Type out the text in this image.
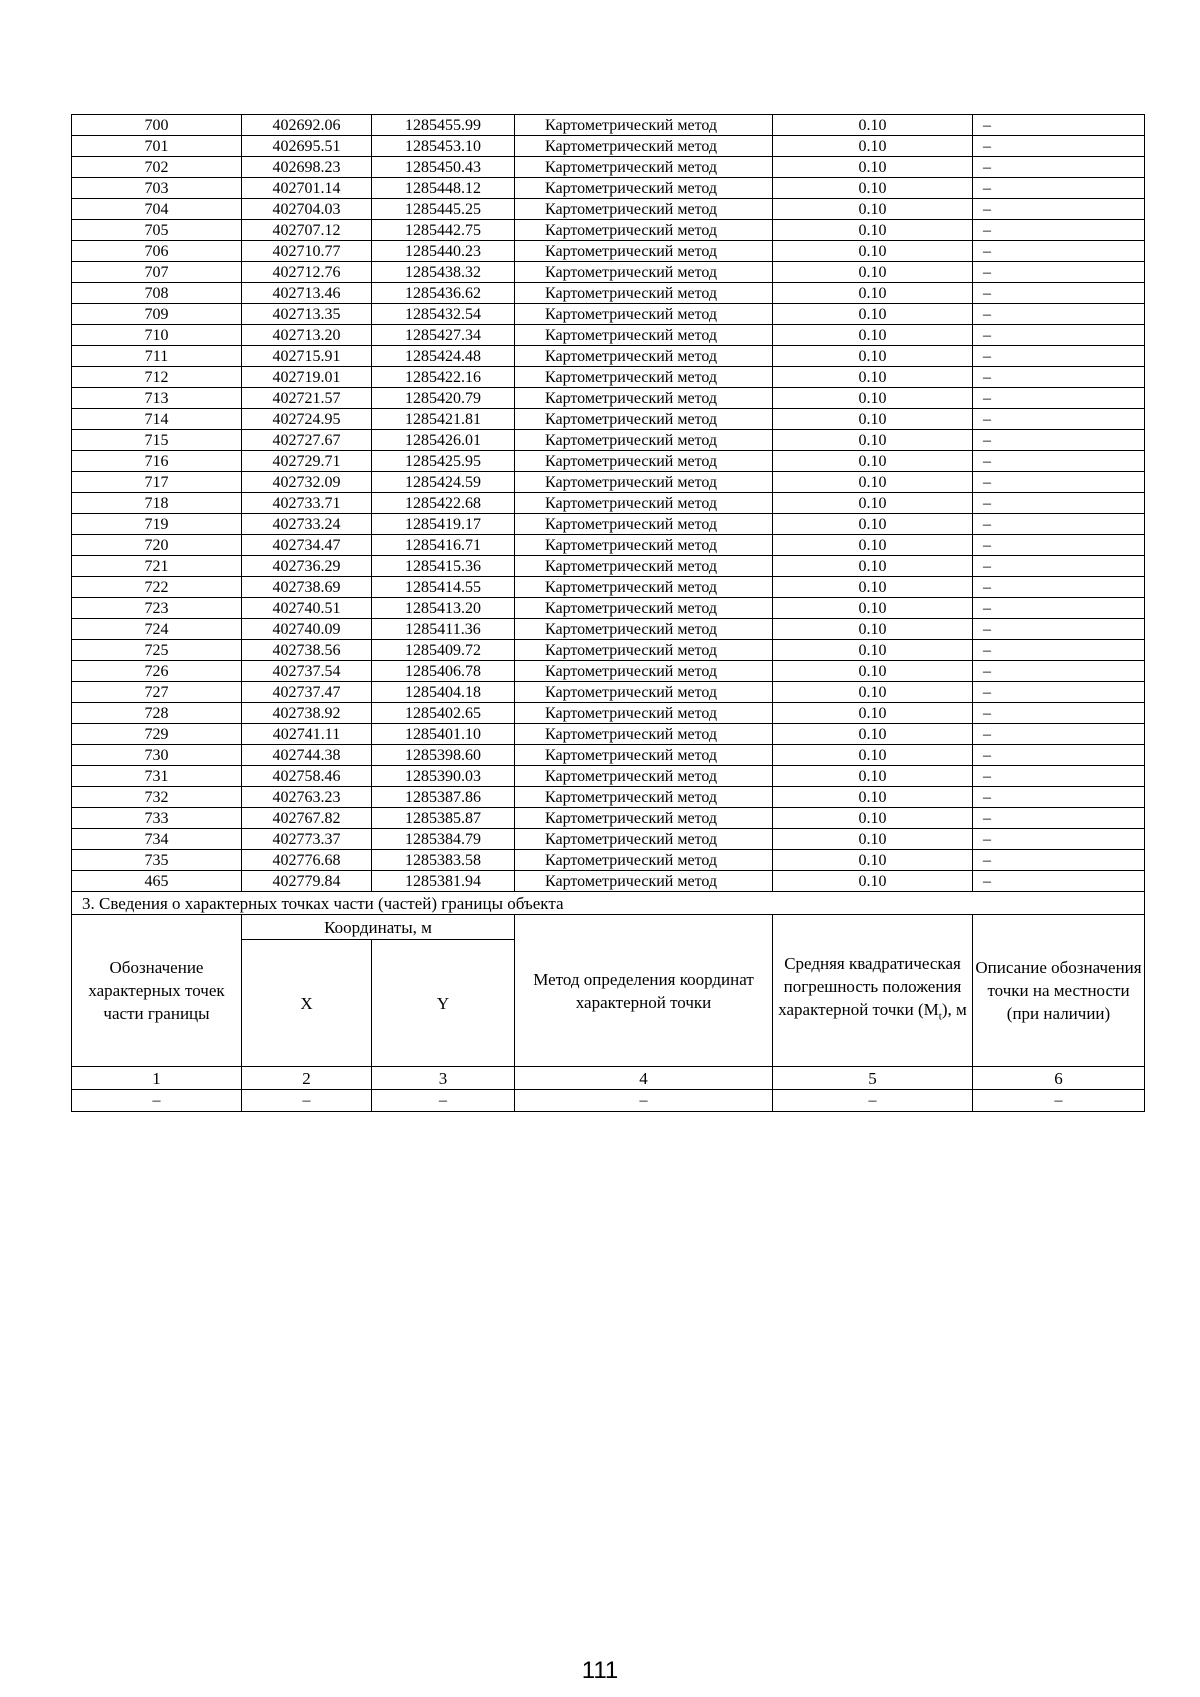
700	402692.06	1285455.99	Картометрический метод	0.10	–
701	402695.51	1285453.10	Картометрический метод	0.10	–
702	402698.23	1285450.43	Картометрический метод	0.10	–
703	402701.14	1285448.12	Картометрический метод	0.10	–
704	402704.03	1285445.25	Картометрический метод	0.10	–
705	402707.12	1285442.75	Картометрический метод	0.10	–
706	402710.77	1285440.23	Картометрический метод	0.10	–
707	402712.76	1285438.32	Картометрический метод	0.10	–
708	402713.46	1285436.62	Картометрический метод	0.10	–
709	402713.35	1285432.54	Картометрический метод	0.10	–
710	402713.20	1285427.34	Картометрический метод	0.10	–
711	402715.91	1285424.48	Картометрический метод	0.10	–
712	402719.01	1285422.16	Картометрический метод	0.10	–
713	402721.57	1285420.79	Картометрический метод	0.10	–
714	402724.95	1285421.81	Картометрический метод	0.10	–
715	402727.67	1285426.01	Картометрический метод	0.10	–
716	402729.71	1285425.95	Картометрический метод	0.10	–
717	402732.09	1285424.59	Картометрический метод	0.10	–
718	402733.71	1285422.68	Картометрический метод	0.10	–
719	402733.24	1285419.17	Картометрический метод	0.10	–
720	402734.47	1285416.71	Картометрический метод	0.10	–
721	402736.29	1285415.36	Картометрический метод	0.10	–
722	402738.69	1285414.55	Картометрический метод	0.10	–
723	402740.51	1285413.20	Картометрический метод	0.10	–
724	402740.09	1285411.36	Картометрический метод	0.10	–
725	402738.56	1285409.72	Картометрический метод	0.10	–
726	402737.54	1285406.78	Картометрический метод	0.10	–
727	402737.47	1285404.18	Картометрический метод	0.10	–
728	402738.92	1285402.65	Картометрический метод	0.10	–
729	402741.11	1285401.10	Картометрический метод	0.10	–
730	402744.38	1285398.60	Картометрический метод	0.10	–
731	402758.46	1285390.03	Картометрический метод	0.10	–
732	402763.23	1285387.86	Картометрический метод	0.10	–
733	402767.82	1285385.87	Картометрический метод	0.10	–
734	402773.37	1285384.79	Картометрический метод	0.10	–
735	402776.68	1285383.58	Картометрический метод	0.10	–
465	402779.84	1285381.94	Картометрический метод	0.10	–
3. Сведения о характерных точках части (частей) границы объекта					
Обозначение характерных точек части границы	Координаты, м		Метод определения координат характерной точки	Средняя квадратическая погрешность положения характерной точки $(M_t)$, м	Описание обозначения точки на местности (при наличии)
	X	Y			
1	2	3	4	5	6
–	–	–	–	–	–
111
